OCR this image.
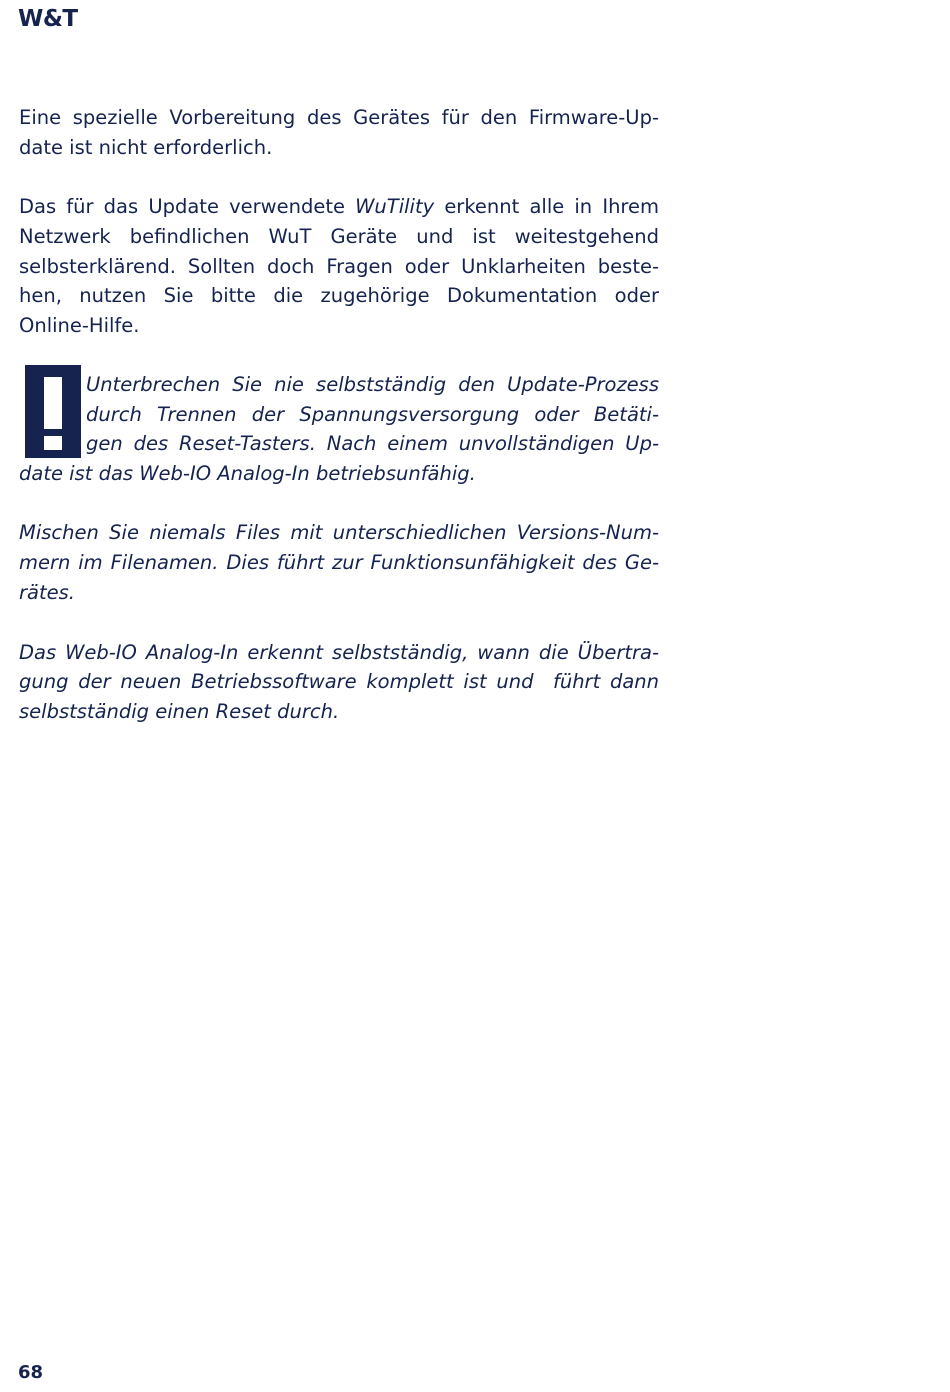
W&T
Eine spezielle Vorbereitung des Gerätes für den Firmware-Up-
date ist nicht erforderlich.
Das für das Update verwendete WuTility erkennt alle in Ihrem
Netzwerk befindlichen WuT Geräte und ist weitestgehend
selbsterklärend. Sollten doch Fragen oder Unklarheiten beste-
hen, nutzen Sie bitte die zugehörige Dokumentation oder
Online-Hilfe.
Unterbrechen Sie nie selbstständig den Update-Prozess
durch Trennen der Spannungsversorgung oder Betäti-
gen des Reset-Tasters. Nach einem unvollständigen Up-
date ist das Web-IO Analog-In betriebsunfähig.
Mischen Sie niemals Files mit unterschiedlichen Versions-Num-
mern im Filenamen. Dies führt zur Funktionsunfähigkeit des Ge-
rätes.
Das Web-IO Analog-In erkennt selbstständig, wann die Übertra-
gung der neuen Betriebssoftware komplett ist und  führt dann
selbstständig einen Reset durch.
68
